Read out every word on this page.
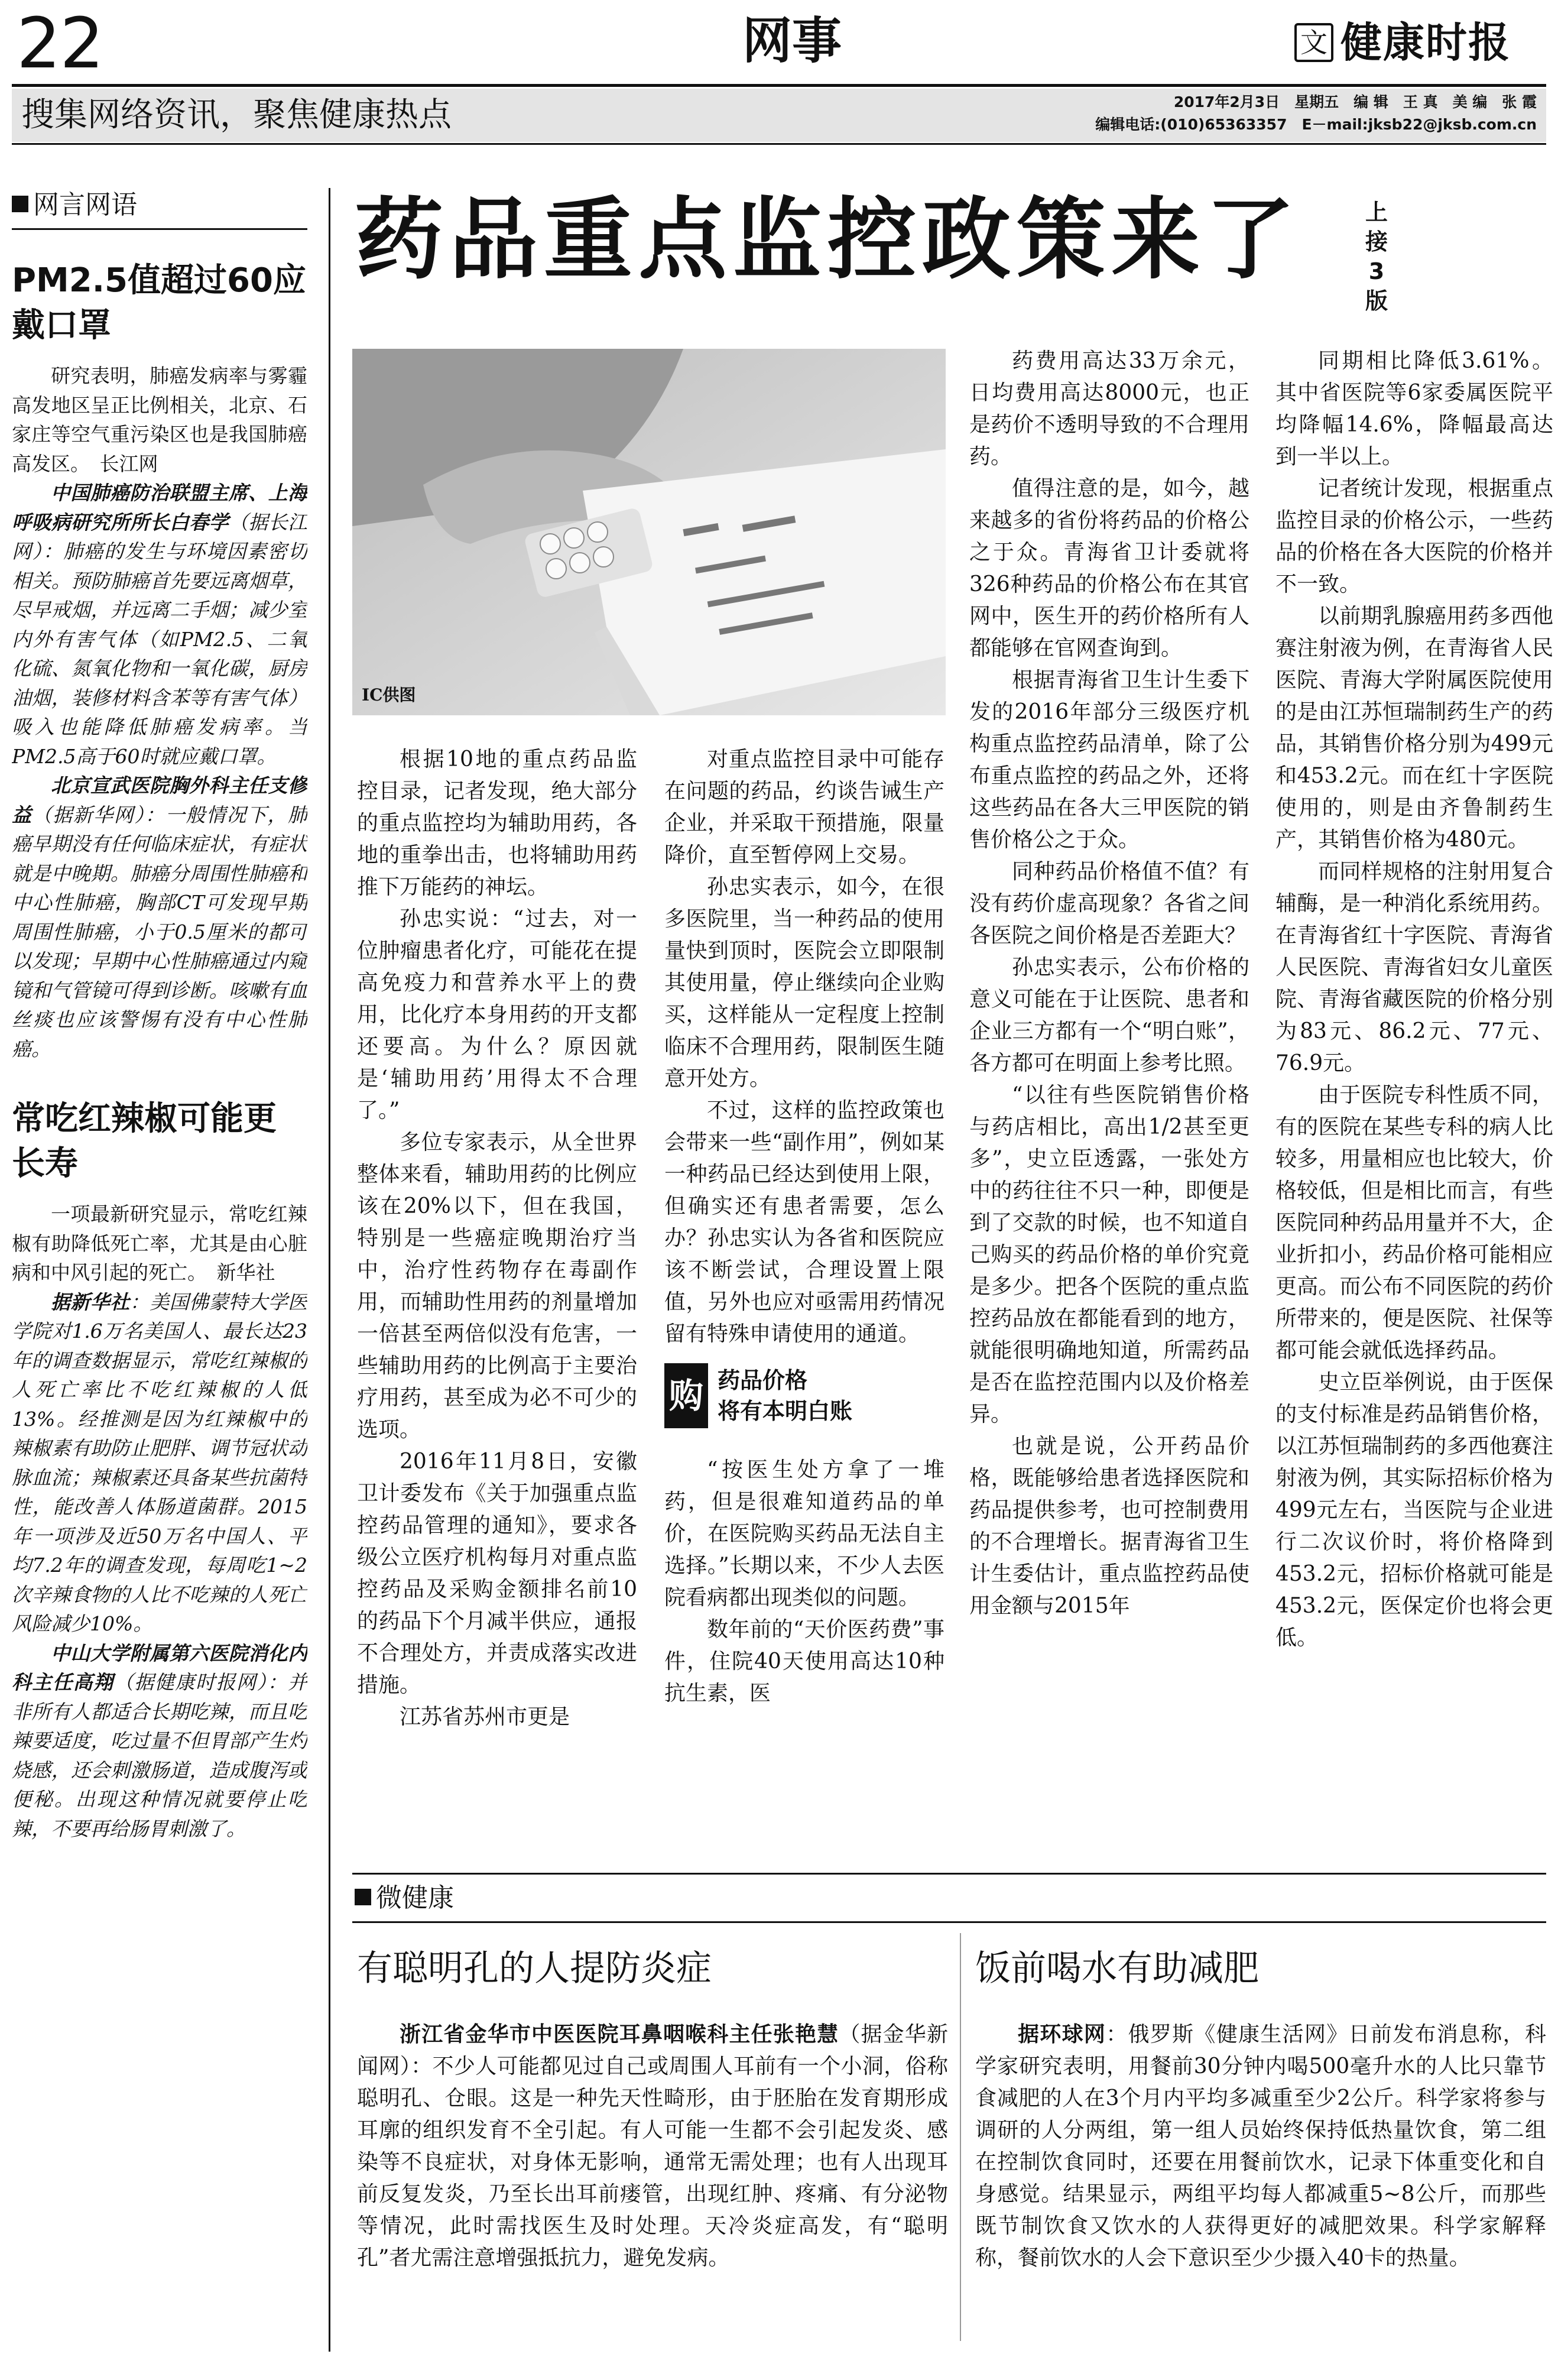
22	网事	文 健康时报
搜集网络资讯，聚焦健康热点	2017年2月3日　星期五　编 辑　王 真　美 编　张 霞
编辑电话:(010)65363357　E－mail:jksb22@jksb.com.cn
网言网语
PM2.5值超过60应戴口罩

研究表明，肺癌发病率与雾霾高发地区呈正比例相关，北京、石家庄等空气重污染区也是我国肺癌高发区。　长江网

中国肺癌防治联盟主席、上海呼吸病研究所所长白春学（据长江网）：肺癌的发生与环境因素密切相关。预防肺癌首先要远离烟草，尽早戒烟，并远离二手烟；减少室内外有害气体（如PM2.5、二氧化硫、氮氧化物和一氧化碳，厨房油烟，装修材料含苯等有害气体）吸入也能降低肺癌发病率。当PM2.5高于60时就应戴口罩。

北京宣武医院胸外科主任支修益（据新华网）：一般情况下，肺癌早期没有任何临床症状，有症状就是中晚期。肺癌分周围性肺癌和中心性肺癌，胸部CT可发现早期周围性肺癌，小于0.5厘米的都可以发现；早期中心性肺癌通过内窥镜和气管镜可得到诊断。咳嗽有血丝痰也应该警惕有没有中心性肺癌。

常吃红辣椒可能更长寿

一项最新研究显示，常吃红辣椒有助降低死亡率，尤其是由心脏病和中风引起的死亡。　新华社

据新华社：美国佛蒙特大学医学院对1.6万名美国人、最长达23年的调查数据显示，常吃红辣椒的人死亡率比不吃红辣椒的人低13%。经推测是因为红辣椒中的辣椒素有助防止肥胖、调节冠状动脉血流；辣椒素还具备某些抗菌特性，能改善人体肠道菌群。2015年一项涉及近50万名中国人、平均7.2年的调查发现，每周吃1~2次辛辣食物的人比不吃辣的人死亡风险减少10%。

中山大学附属第六医院消化内科主任高翔（据健康时报网）：并非所有人都适合长期吃辣，而且吃辣要适度，吃过量不但胃部产生灼烧感，还会刺激肠道，造成腹泻或便秘。出现这种情况就要停止吃辣，不要再给肠胃刺激了。

药品重点监控政策来了	上接3版
IC供图

根据10地的重点药品监控目录，记者发现，绝大部分的重点监控均为辅助用药，各地的重拳出击，也将辅助用药推下万能药的神坛。

孙忠实说：“过去，对一位肿瘤患者化疗，可能花在提高免疫力和营养水平上的费用，比化疗本身用药的开支都还要高。为什么？原因就是‘辅助用药’用得太不合理了。”

多位专家表示，从全世界整体来看，辅助用药的比例应该在20%以下，但在我国，特别是一些癌症晚期治疗当中，治疗性药物存在毒副作用，而辅助性用药的剂量增加一倍甚至两倍似没有危害，一些辅助用药的比例高于主要治疗用药，甚至成为必不可少的选项。

2016年11月8日，安徽卫计委发布《关于加强重点监控药品管理的通知》，要求各级公立医疗机构每月对重点监控药品及采购金额排名前10的药品下个月减半供应，通报不合理处方，并责成落实改进措施。

江苏省苏州市更是

对重点监控目录中可能存在问题的药品，约谈告诫生产企业，并采取干预措施，限量降价，直至暂停网上交易。

孙忠实表示，如今，在很多医院里，当一种药品的使用量快到顶时，医院会立即限制其使用量，停止继续向企业购买，这样能从一定程度上控制临床不合理用药，限制医生随意开处方。

不过，这样的监控政策也会带来一些“副作用”，例如某一种药品已经达到使用上限，但确实还有患者需要，怎么办？孙忠实认为各省和医院应该不断尝试，合理设置上限值，另外也应对亟需用药情况留有特殊申请使用的通道。

购 药品价格
将有本明白账

“按医生处方拿了一堆药，但是很难知道药品的单价，在医院购买药品无法自主选择。”长期以来，不少人去医院看病都出现类似的问题。

数年前的“天价医药费”事件，住院40天使用高达10种抗生素，医

药费用高达33万余元，日均费用高达8000元，也正是药价不透明导致的不合理用药。

值得注意的是，如今，越来越多的省份将药品的价格公之于众。青海省卫计委就将326种药品的价格公布在其官网中，医生开的药价格所有人都能够在官网查询到。

根据青海省卫生计生委下发的2016年部分三级医疗机构重点监控药品清单，除了公布重点监控的药品之外，还将这些药品在各大三甲医院的销售价格公之于众。

同种药品价格值不值？有没有药价虚高现象？各省之间各医院之间价格是否差距大？

孙忠实表示，公布价格的意义可能在于让医院、患者和企业三方都有一个“明白账”，各方都可在明面上参考比照。

“以往有些医院销售价格与药店相比，高出1/2甚至更多”，史立臣透露，一张处方中的药往往不只一种，即便是到了交款的时候，也不知道自己购买的药品价格的单价究竟是多少。把各个医院的重点监控药品放在都能看到的地方，就能很明确地知道，所需药品是否在监控范围内以及价格差异。

也就是说，公开药品价格，既能够给患者选择医院和药品提供参考，也可控制费用的不合理增长。据青海省卫生计生委估计，重点监控药品使用金额与2015年

同期相比降低3.61%。其中省医院等6家委属医院平均降幅14.6%，降幅最高达到一半以上。

记者统计发现，根据重点监控目录的价格公示，一些药品的价格在各大医院的价格并不一致。

以前期乳腺癌用药多西他赛注射液为例，在青海省人民医院、青海大学附属医院使用的是由江苏恒瑞制药生产的药品，其销售价格分别为499元和453.2元。而在红十字医院使用的，则是由齐鲁制药生产，其销售价格为480元。

而同样规格的注射用复合辅酶，是一种消化系统用药。在青海省红十字医院、青海省人民医院、青海省妇女儿童医院、青海省藏医院的价格分别为83元、86.2元、77元、76.9元。

由于医院专科性质不同，有的医院在某些专科的病人比较多，用量相应也比较大，价格较低，但是相比而言，有些医院同种药品用量并不大，企业折扣小，药品价格可能相应更高。而公布不同医院的药价所带来的，便是医院、社保等都可能会就低选择药品。

史立臣举例说，由于医保的支付标准是药品销售价格，以江苏恒瑞制药的多西他赛注射液为例，其实际招标价格为499元左右，当医院与企业进行二次议价时，将价格降到453.2元，招标价格就可能是453.2元，医保定价也将会更低。

微健康
有聪明孔的人提防炎症

浙江省金华市中医医院耳鼻咽喉科主任张艳慧（据金华新闻网）：不少人可能都见过自己或周围人耳前有一个小洞，俗称聪明孔、仓眼。这是一种先天性畸形，由于胚胎在发育期形成耳廓的组织发育不全引起。有人可能一生都不会引起发炎、感染等不良症状，对身体无影响，通常无需处理；也有人出现耳前反复发炎，乃至长出耳前瘘管，出现红肿、疼痛、有分泌物等情况，此时需找医生及时处理。天冷炎症高发，有“聪明孔”者尤需注意增强抵抗力，避免发病。

饭前喝水有助减肥

据环球网：俄罗斯《健康生活网》日前发布消息称，科学家研究表明，用餐前30分钟内喝500毫升水的人比只靠节食减肥的人在3个月内平均多减重至少2公斤。科学家将参与调研的人分两组，第一组人员始终保持低热量饮食，第二组在控制饮食同时，还要在用餐前饮水，记录下体重变化和自身感觉。结果显示，两组平均每人都减重5~8公斤，而那些既节制饮食又饮水的人获得更好的减肥效果。科学家解释称，餐前饮水的人会下意识至少少摄入40卡的热量。
